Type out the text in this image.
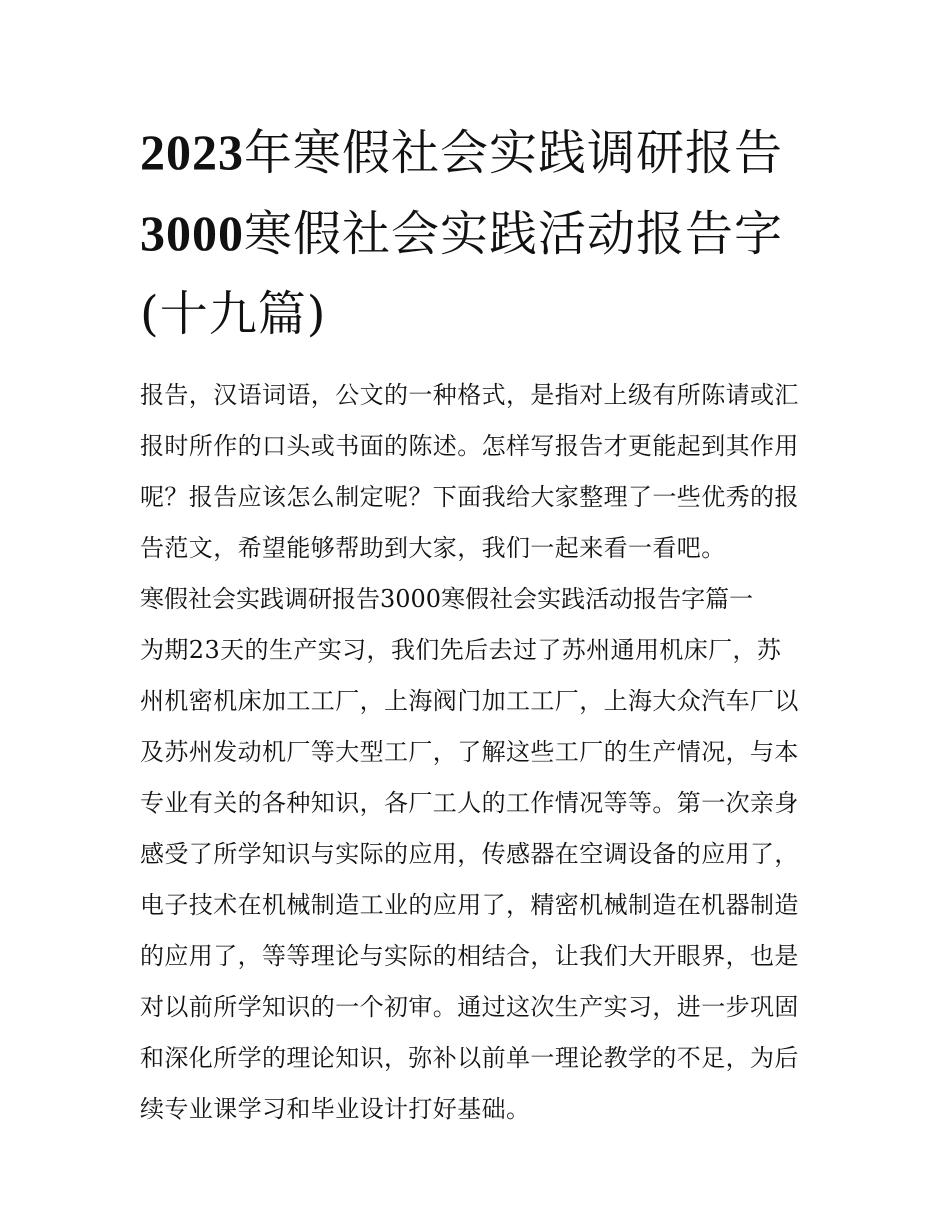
2023年寒假社会实践调研报告
3000寒假社会实践活动报告字
(十九篇)

报告，汉语词语，公文的一种格式，是指对上级有所陈请或汇
报时所作的口头或书面的陈述。怎样写报告才更能起到其作用
呢？报告应该怎么制定呢？下面我给大家整理了一些优秀的报
告范文，希望能够帮助到大家，我们一起来看一看吧。

寒假社会实践调研报告3000寒假社会实践活动报告字篇一

为期23天的生产实习，我们先后去过了苏州通用机床厂，苏
州机密机床加工工厂，上海阀门加工工厂，上海大众汽车厂以
及苏州发动机厂等大型工厂，了解这些工厂的生产情况，与本
专业有关的各种知识，各厂工人的工作情况等等。第一次亲身
感受了所学知识与实际的应用，传感器在空调设备的应用了，
电子技术在机械制造工业的应用了，精密机械制造在机器制造
的应用了，等等理论与实际的相结合，让我们大开眼界，也是
对以前所学知识的一个初审。通过这次生产实习，进一步巩固
和深化所学的理论知识，弥补以前单一理论教学的不足，为后
续专业课学习和毕业设计打好基础。
